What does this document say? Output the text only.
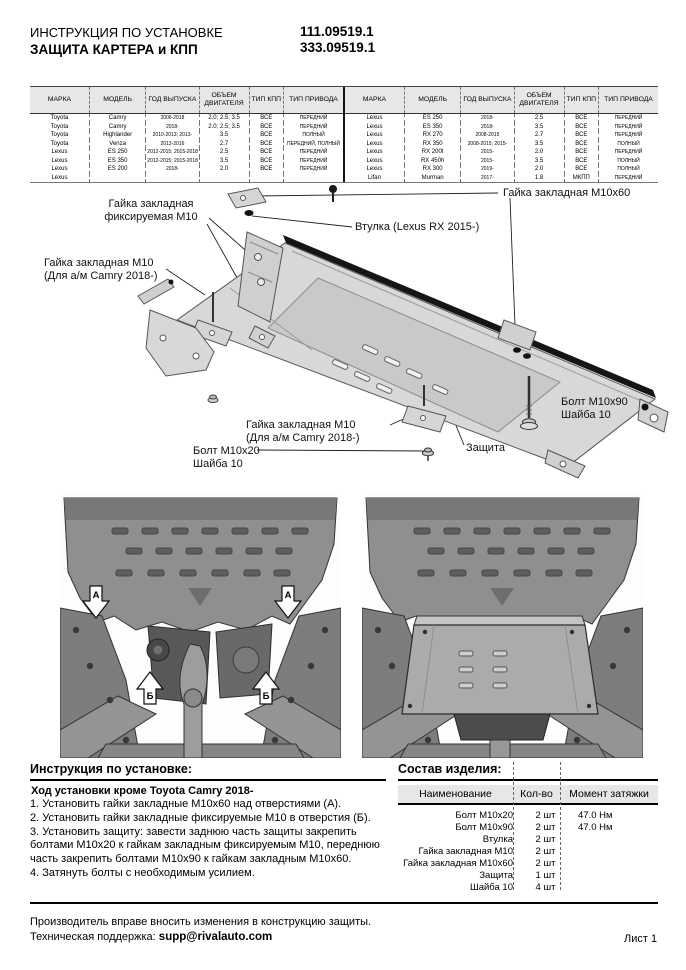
ИНСТРУКЦИЯ ПО УСТАНОВКЕ
ЗАЩИТА КАРТЕРА и КПП
111.09519.1
333.09519.1
МАРКА	МОДЕЛЬ	ГОД ВЫПУСКА	ОБЪЕМ ДВИГАТЕЛЯ	ТИП КПП	ТИП ПРИВОДА
Toyota	Camry	2006-2018	2.0; 2.5; 3.5	ВСЕ	ПЕРЕДНИЙ
Toyota	Camry	2018-	2.0; 2.5; 3.5	ВСЕ	ПЕРЕДНИЙ
Toyota	Highlander	2010-2013; 2013-	3.5	ВСЕ	ПОЛНЫЙ
Toyota	Venza	2013-2016	2.7	ВСЕ	ПЕРЕДНИЙ, ПОЛНЫЙ
Lexus	ES 250	2012-2015; 2015-2018	2.5	ВСЕ	ПЕРЕДНИЙ
Lexus	ES 350	2012-2015; 2015-2018	3.5	ВСЕ	ПЕРЕДНИЙ
Lexus	ES 200	2018-	2.0	ВСЕ	ПЕРЕДНИЙ
Lexus					
МАРКА	МОДЕЛЬ	ГОД ВЫПУСКА	ОБЪЕМ ДВИГАТЕЛЯ	ТИП КПП	ТИП ПРИВОДА
Lexus	ES 250	2018-	2.5	ВСЕ	ПЕРЕДНИЙ
Lexus	ES 350	2018-	3.5	ВСЕ	ПЕРЕДНИЙ
Lexus	RX 270	2008-2015	2.7	ВСЕ	ПЕРЕДНИЙ
Lexus	RX 350	2008-2015; 2015-	3.5	ВСЕ	ПОЛНЫЙ
Lexus	RX 200t	2015-	2.0	ВСЕ	ПЕРЕДНИЙ
Lexus	RX 450h	2015-	3.5	ВСЕ	ПОЛНЫЙ
Lexus	RX 300	2019-	2.0	ВСЕ	ПОЛНЫЙ
Lifan	Murman	2017-	1.8	МКПП	ПЕРЕДНИЙ
Гайка закладная
фиксируемая М10
Гайка закладная М10
(Для а/м Camry 2018-)
Втулка (Lexus RX 2015-)
Гайка закладная М10х60
Болт М10х90
Шайба 10
Защита
Гайка закладная М10
(Для а/м Camry 2018-)
Болт М10х20
Шайба 10
А	А
Б	Б
Инструкция по установке:
Ход установки кроме Toyota Camry 2018-
1. Установить гайки закладные М10х60 над отверстиями (А).
2. Установить гайки закладные фиксируемые М10 в отверстия (Б).
3. Установить защиту: завести заднюю часть защиты закрепить болтами М10х20 к гайкам закладным фиксируемым М10, переднюю часть закрепить болтами М10х90 к гайкам закладным М10х60.
4. Затянуть болты с необходимым усилием.
Состав изделия:
Наименование	Кол-во	Момент затяжки
Болт М10х20	2 шт	47.0 Нм
Болт М10х90	2 шт	47.0 Нм
Втулка	2 шт	
Гайка закладная М10	2 шт	
Гайка закладная М10х60	2 шт	
Защита	1 шт	
Шайба 10	4 шт	
Производитель вправе вносить изменения в конструкцию защиты.
Техническая поддержка: supp@rivalauto.com	Лист 1
